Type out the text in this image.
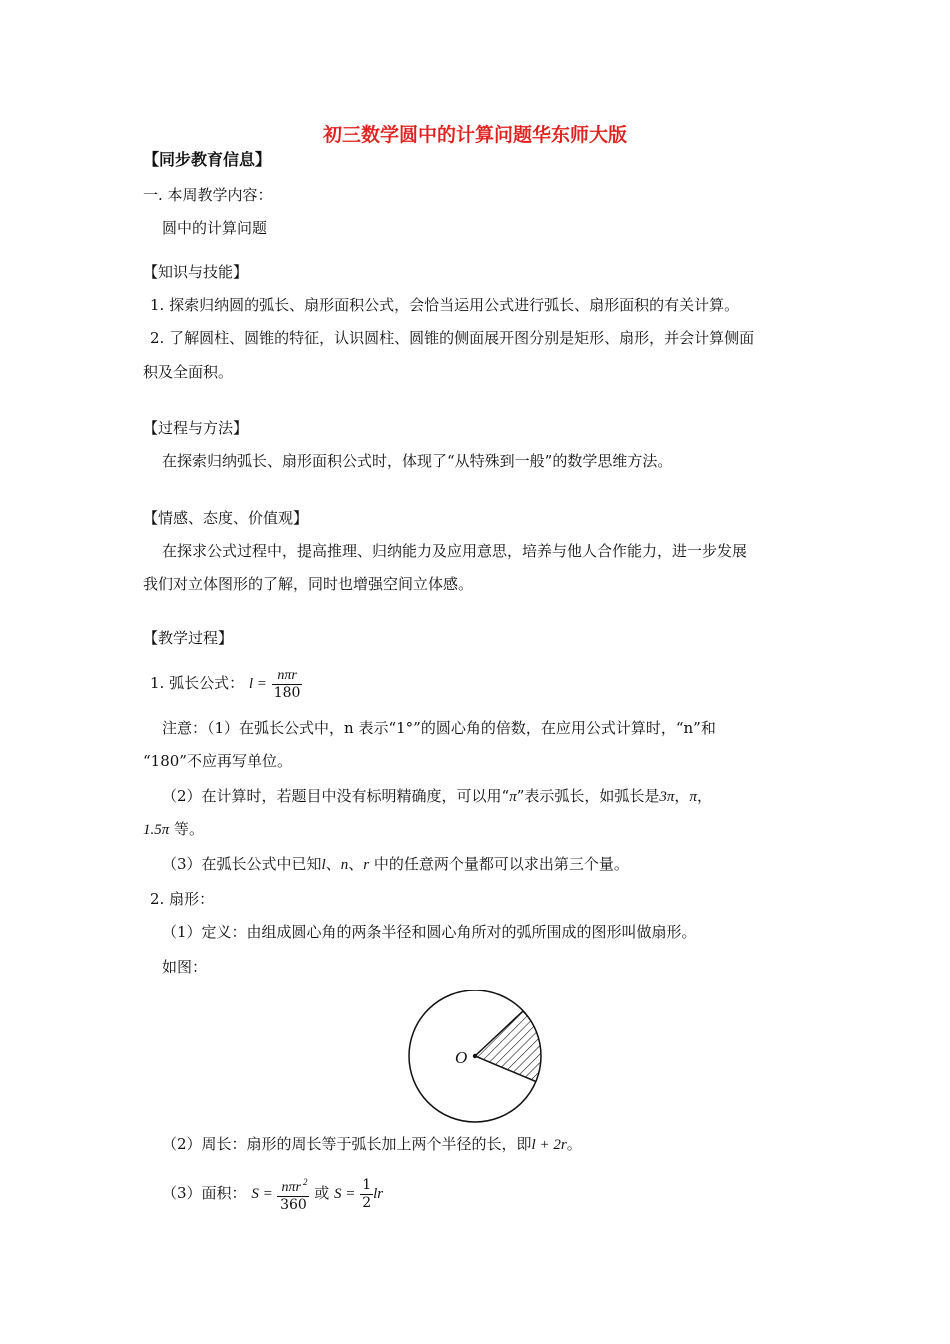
初三数学圆中的计算问题华东师大版
【同步教育信息】
一. 本周教学内容：
圆中的计算问题
【知识与技能】
1. 探索归纳圆的弧长、扇形面积公式，会恰当运用公式进行弧长、扇形面积的有关计算。
2. 了解圆柱、圆锥的特征，认识圆柱、圆锥的侧面展开图分别是矩形、扇形，并会计算侧面
积及全面积。
【过程与方法】
在探索归纳弧长、扇形面积公式时，体现了“从特殊到一般”的数学思维方法。
【情感、态度、价值观】
在探求公式过程中，提高推理、归纳能力及应用意思，培养与他人合作能力，进一步发展
我们对立体图形的了解，同时也增强空间立体感。
【教学过程】
1. 弧长公式： $l = \frac{\text{nπr}}{180}$
注意：（1）在弧长公式中，n 表示“1°”的圆心角的倍数，在应用公式计算时，“n”和
“180”不应再写单位。
（2）在计算时，若题目中没有标明精确度，可以用“π”表示弧长，如弧长是3π，π，
1.5π 等。
（3）在弧长公式中已知l、n、r 中的任意两个量都可以求出第三个量。
2. 扇形：
（1）定义：由组成圆心角的两条半径和圆心角所对的弧所围成的图形叫做扇形。
如图：
O
（2）周长：扇形的周长等于弧长加上两个半径的长，即l + 2r。
（3）面积： $S = \frac{n\pi r ^2}{360}$ 或 $S = \frac{1}{2}$ lr
